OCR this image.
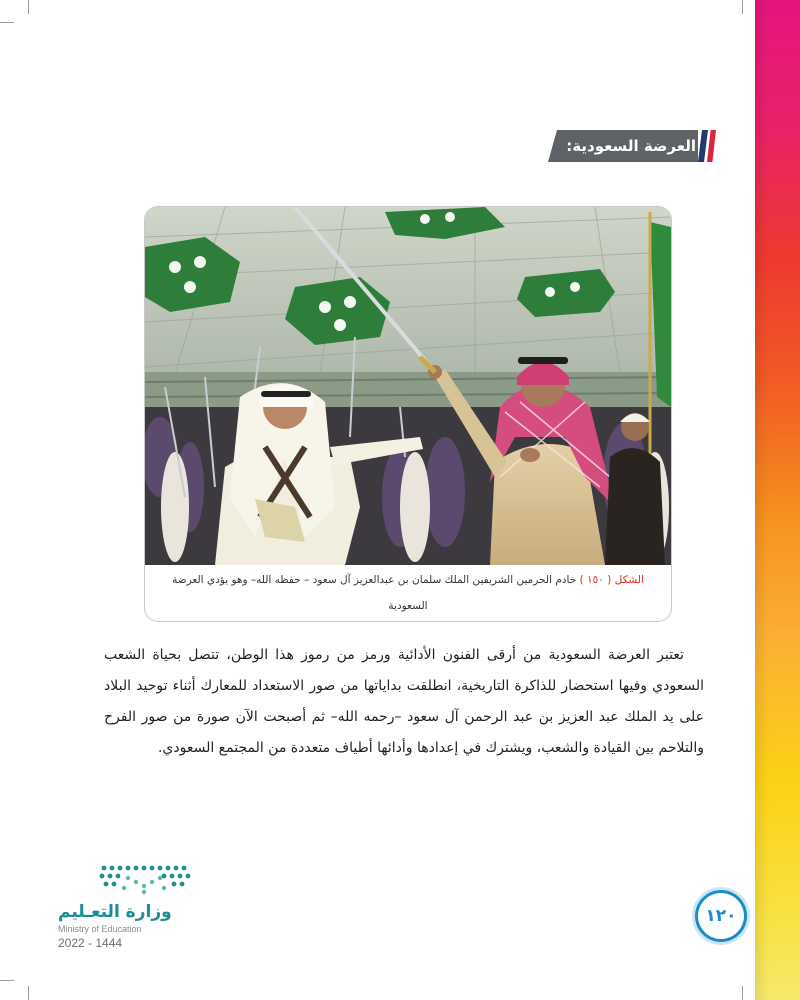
العرضة السعودية:
الشكل ( ١٥٠ ) خادم الحرمين الشريفين الملك سلمان بن عبدالعزيز آل سعود – حفظه الله– وهو يؤدي العرضة
السعودية
تعتبر العرضة السعودية من أرقى الفنون الأدائية ورمز من رموز هذا الوطن، تتصل بحياة الشعب السعودي وفيها استحضار للذاكرة التاريخية، انطلقت بداياتها من صور الاستعداد للمعارك أثناء توحيد البلاد على يد الملك عبد العزيز بن عبد الرحمن آل سعود –رحمه الله– ثم أصبحت الآن صورة من صور الفرح والتلاحم بين القيادة والشعب، ويشترك في إعدادها وأدائها أطياف متعددة من المجتمع السعودي.
وزارة التعـليم
Ministry of Education
2022 - 1444
١٢٠
